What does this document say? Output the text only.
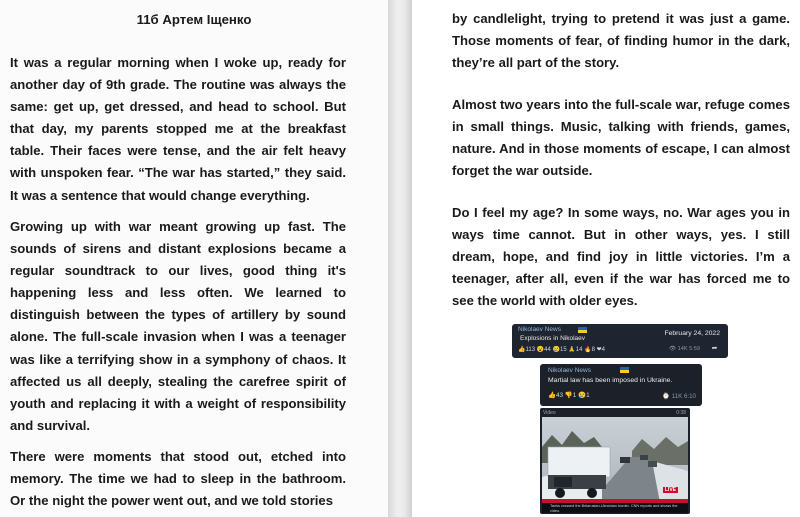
11б Артем Іщенко

It was a regular morning when I woke up, ready for another day of 9th grade. The routine was always the same: get up, get dressed, and head to school. But that day, my parents stopped me at the breakfast table. Their faces were tense, and the air felt heavy with unspoken fear. “The war has started,” they said. It was a sentence that would change everything.

Growing up with war meant growing up fast. The sounds of sirens and distant explosions became a regular soundtrack to our lives, good thing it's happening less and less often. We learned to distinguish between the types of artillery by sound alone. The full-scale invasion when I was a teenager was like a terrifying show in a symphony of chaos. It affected us all deeply, stealing the carefree spirit of youth and replacing it with a weight of responsibility and survival.

There were moments that stood out, etched into memory. The time we had to sleep in the bathroom. Or the night the power went out, and we told stories

by candlelight, trying to pretend it was just a game. Those moments of fear, of finding humor in the dark, they’re all part of the story.

Almost two years into the full-scale war, refuge comes in small things. Music, talking with friends, games, nature. And in those moments of escape, I can almost forget the war outside.

Do I feel my age? In some ways, no. War ages you in ways time cannot. But in other ways, yes. I still dream, hope, and find joy in little victories. I’m a teenager, after all, even if the war has forced me to see the world with older eyes.

Nikolaev News
Explosions in Nikolaev
February 24, 2022
👍113 😮44 😢15 🙏14 🔥8 ❤4	👁 14K 5:59	➦
Nikolaev News
Martial law has been imposed in Ukraine.
👍43 👎1 😢1	⌚ 11K 6:10
Video	0:38
LIVE
Tanks crossed the Belarusian-Ukrainian border. CNN reports and shows the video.
